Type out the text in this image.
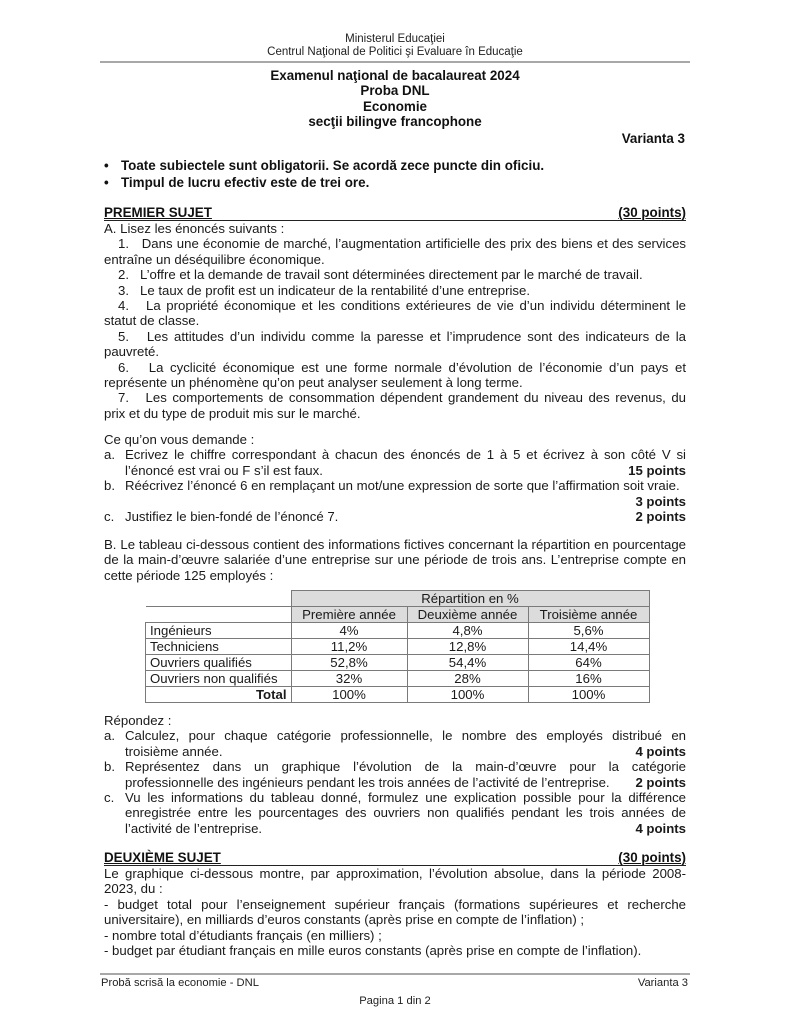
Ministerul Educaţiei
Centrul Naţional de Politici şi Evaluare în Educaţie
Examenul naţional de bacalaureat 2024
Proba DNL
Economie
secţii bilingve francophone
Varianta 3
• Toate subiectele sunt obligatorii. Se acordă zece puncte din oficiu.
• Timpul de lucru efectiv este de trei ore.
PREMIER SUJET	(30 points)

A. Lisez les énoncés suivants :

1. Dans une économie de marché, l’augmentation artificielle des prix des biens et des services entraîne un déséquilibre économique.

2. L’offre et la demande de travail sont déterminées directement par le marché de travail.

3. Le taux de profit est un indicateur de la rentabilité d’une entreprise.

4. La propriété économique et les conditions extérieures de vie d’un individu déterminent le statut de classe.

5. Les attitudes d’un individu comme la paresse et l’imprudence sont des indicateurs de la pauvreté.

6. La cyclicité économique est une forme normale d’évolution de l’économie d’un pays et représente un phénomène qu’on peut analyser seulement à long terme.

7. Les comportements de consommation dépendent grandement du niveau des revenus, du prix et du type de produit mis sur le marché.

Ce qu’on vous demande :

a. Ecrivez le chiffre correspondant à chacun des énoncés de 1 à 5 et écrivez à son côté V si l’énoncé est vrai ou F s’il est faux.	15 points
b. Réécrivez l’énoncé 6 en remplaçant un mot/une expression de sorte que l’affirmation soit vraie.
3 points
c. Justifiez le bien-fondé de l’énoncé 7.	2 points
B. Le tableau ci-dessous contient des informations fictives concernant la répartition en pourcentage de la main-d’œuvre salariée d’une entreprise sur une période de trois ans. L’entreprise compte en cette période 125 employés :
	Répartition en %		
	Première année	Deuxième année	Troisième année
Ingénieurs	4%	4,8%	5,6%
Techniciens	11,2%	12,8%	14,4%
Ouvriers qualifiés	52,8%	54,4%	64%
Ouvriers non qualifiés	32%	28%	16%
Total	100%	100%	100%

Répondez :

a. Calculez, pour chaque catégorie professionnelle, le nombre des employés distribué en troisième année.	4 points
b. Représentez dans un graphique l’évolution de la main-d’œuvre pour la catégorie professionnelle des ingénieurs pendant les trois années de l’activité de l’entreprise. 2 points
c. Vu les informations du tableau donné, formulez une explication possible pour la différence enregistrée entre les pourcentages des ouvriers non qualifiés pendant les trois années de l’activité de l’entreprise.	4 points
DEUXIÈME SUJET	(30 points)

Le graphique ci-dessous montre, par approximation, l’évolution absolue, dans la période 2008-2023, du :

- budget total pour l’enseignement supérieur français (formations supérieures et recherche universitaire), en milliards d’euros constants (après prise en compte de l’inflation) ;

- nombre total d’étudiants français (en milliers) ;

- budget par étudiant français en mille euros constants (après prise en compte de l’inflation).

Probă scrisă la economie - DNL	Varianta 3
Pagina 1 din 2
